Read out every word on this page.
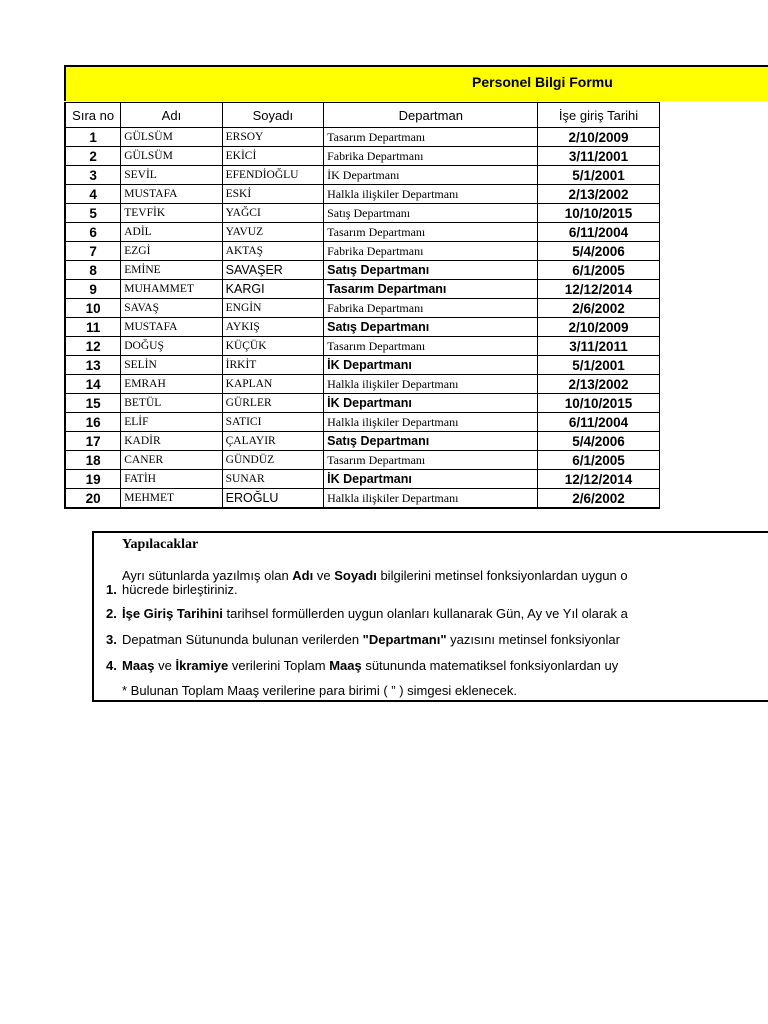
Personel Bilgi Formu
Sıra no	Adı	Soyadı	Departman	İşe giriş Tarihi	
1	GÜLSÜM	ERSOY	Tasarım Departmanı	2/10/2009	
2	GÜLSÜM	EKİCİ	Fabrika Departmanı	3/11/2001	
3	SEVİL	EFENDİOĞLU	İK Departmanı	5/1/2001	
4	MUSTAFA	ESKİ	Halkla ilişkiler Departmanı	2/13/2002	
5	TEVFİK	YAĞCI	Satış Departmanı	10/10/2015	
6	ADİL	YAVUZ	Tasarım Departmanı	6/11/2004	
7	EZGİ	AKTAŞ	Fabrika Departmanı	5/4/2006	
8	EMİNE	SAVAŞER	Satış Departmanı	6/1/2005	
9	MUHAMMET	KARGI	Tasarım Departmanı	12/12/2014	
10	SAVAŞ	ENGİN	Fabrika Departmanı	2/6/2002	
11	MUSTAFA	AYKIŞ	Satış Departmanı	2/10/2009	
12	DOĞUŞ	KÜÇÜK	Tasarım Departmanı	3/11/2011	
13	SELİN	İRKİT	İK Departmanı	5/1/2001	
14	EMRAH	KAPLAN	Halkla ilişkiler Departmanı	2/13/2002	
15	BETÜL	GÜRLER	İK Departmanı	10/10/2015	
16	ELİF	SATICI	Halkla ilişkiler Departmanı	6/11/2004	
17	KADİR	ÇALAYIR	Satış Departmanı	5/4/2006	
18	CANER	GÜNDÜZ	Tasarım Departmanı	6/1/2005	
19	FATİH	SUNAR	İK Departmanı	12/12/2014	
20	MEHMET	EROĞLU	Halkla ilişkiler Departmanı	2/6/2002	
Yapılacaklar
Ayrı sütunlarda yazılmış olan Adı ve Soyadı bilgilerini metinsel fonksiyonlardan uygun o
1. hücrede birleştiriniz.
2. İşe Giriş Tarihini tarihsel formüllerden uygun olanları kullanarak Gün, Ay ve Yıl olarak a
3. Depatman Sütununda bulunan verilerden "Departmanı" yazısını metinsel fonksiyonlar
4. Maaş ve İkramiye verilerini Toplam Maaş sütununda matematiksel fonksiyonlardan uy
* Bulunan Toplam Maaş verilerine para birimi ( ” ) simgesi eklenecek.
